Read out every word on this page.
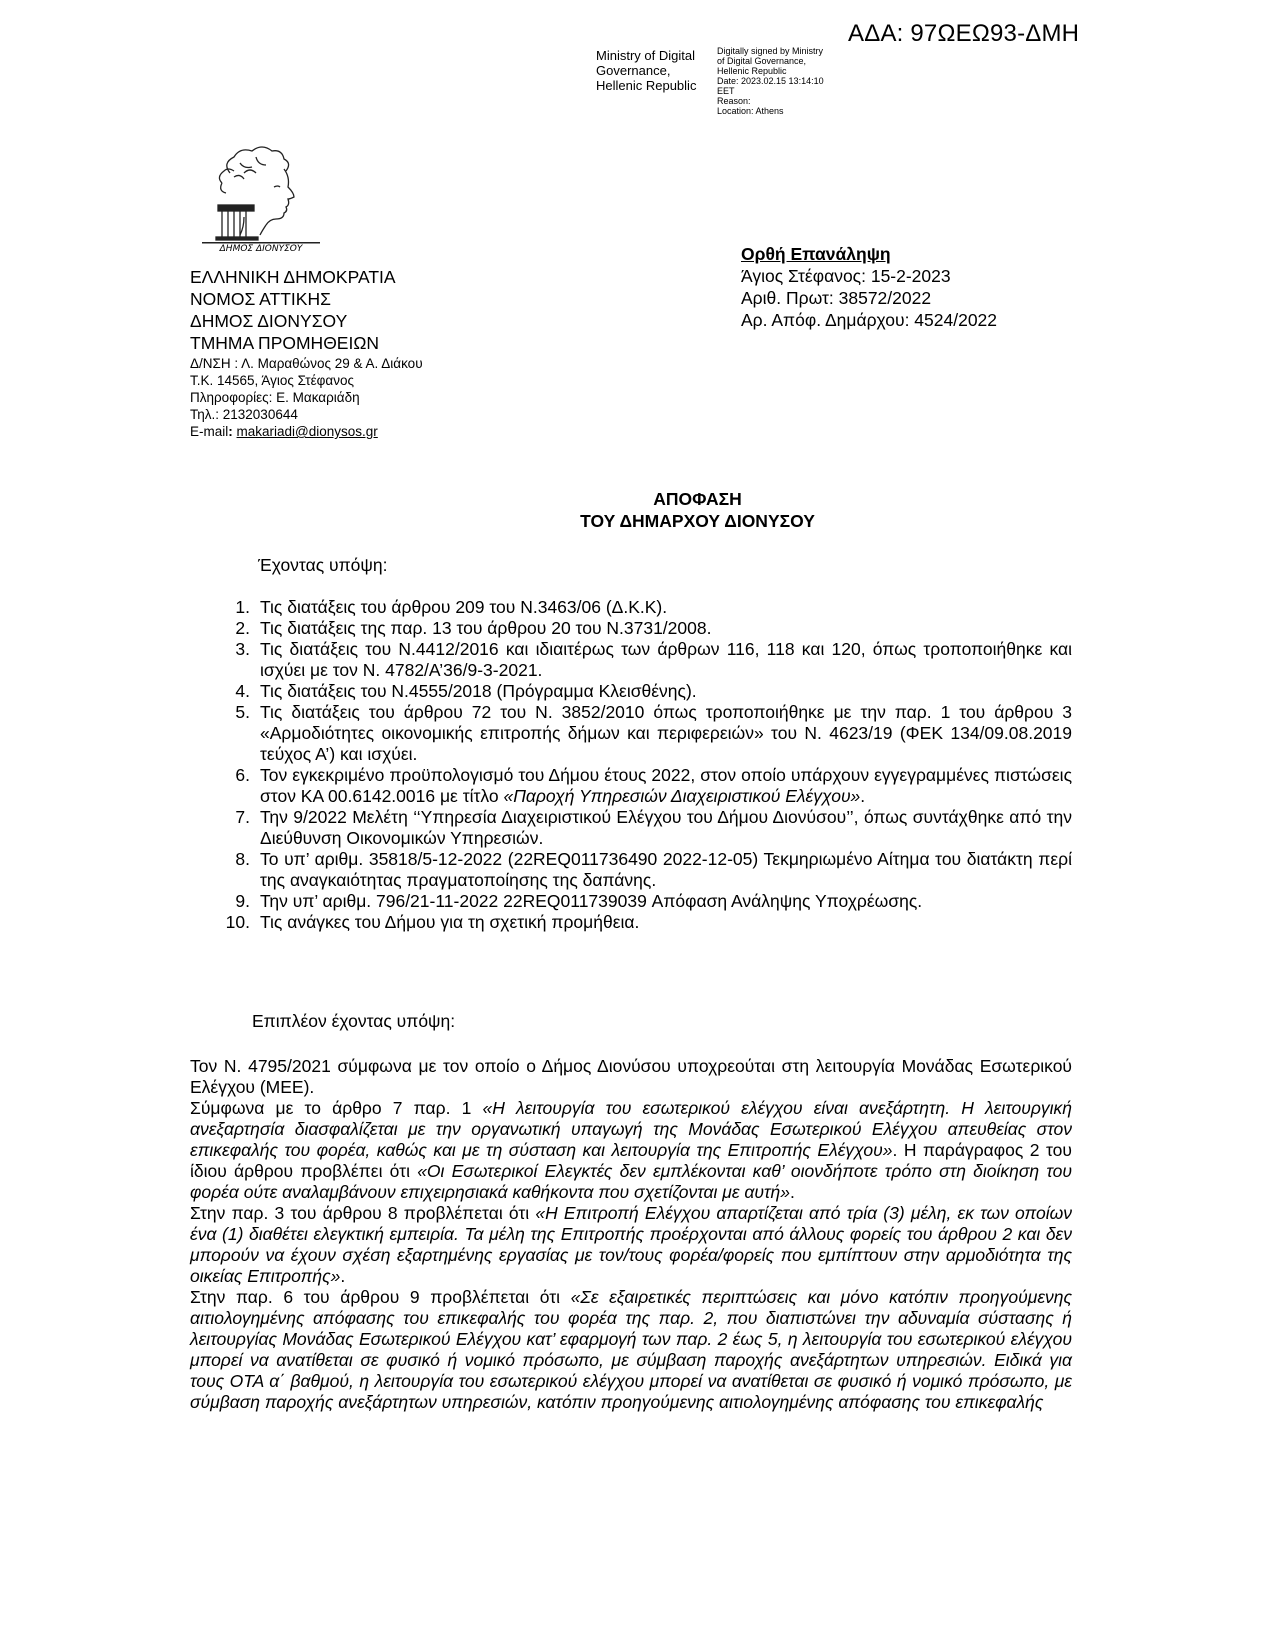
ΑΔΑ: 97ΩΕΩ93-ΔΜΗ
Ministry of Digital
Governance,
Hellenic Republic
Digitally signed by Ministry
of Digital Governance,
Hellenic Republic
Date: 2023.02.15 13:14:10
EET
Reason:
Location: Athens
ΔΗΜΟΣ ΔΙΟΝΥΣΟΥ
ΕΛΛΗΝΙΚΗ ΔΗΜΟΚΡΑΤΙΑ
ΝΟΜΟΣ ΑΤΤΙΚΗΣ
ΔΗΜΟΣ ΔΙΟΝΥΣΟΥ
ΤΜΗΜΑ ΠΡΟΜΗΘΕΙΩΝ
Δ/ΝΣΗ : Λ. Μαραθώνος 29 & Α. Διάκου
Τ.Κ. 14565, Άγιος Στέφανος
Πληροφορίες: Ε. Μακαριάδη
Τηλ.: 2132030644
E-mail: makariadi@dionysos.gr
Ορθή Επανάληψη
Άγιος Στέφανος: 15-2-2023
Αριθ. Πρωτ: 38572/2022
Αρ. Απόφ. Δημάρχου: 4524/2022
ΑΠΟΦΑΣΗ
ΤΟΥ ΔΗΜΑΡΧΟΥ ΔΙΟΝΥΣΟΥ
Έχοντας υπόψη:
1. Τις διατάξεις του άρθρου 209 του Ν.3463/06 (Δ.Κ.Κ).
2. Τις διατάξεις της παρ. 13 του άρθρου 20 του Ν.3731/2008.
3. Τις διατάξεις του Ν.4412/2016 και ιδιαιτέρως των άρθρων 116, 118 και 120, όπως τροποποιήθηκε και ισχύει με τον Ν. 4782/Α’36/9-3-2021.
4. Τις διατάξεις του Ν.4555/2018 (Πρόγραμμα Κλεισθένης).
5. Τις διατάξεις του άρθρου 72 του Ν. 3852/2010 όπως τροποποιήθηκε με την παρ. 1 του άρθρου 3 «Αρμοδιότητες οικονομικής επιτροπής δήμων και περιφερειών» του Ν. 4623/19 (ΦΕΚ 134/09.08.2019 τεύχος Α’) και ισχύει.
6. Τον εγκεκριμένο προϋπολογισμό του Δήμου έτους 2022, στον οποίο υπάρχουν εγγεγραμμένες πιστώσεις στον ΚΑ 00.6142.0016 με τίτλο «Παροχή Υπηρεσιών Διαχειριστικού Ελέγχου».
7. Την 9/2022 Μελέτη ‘‘Υπηρεσία Διαχειριστικού Ελέγχου του Δήμου Διονύσου’’, όπως συντάχθηκε από την Διεύθυνση Οικονομικών Υπηρεσιών.
8. Το υπ’ αριθμ. 35818/5-12-2022 (22REQ011736490 2022-12-05) Τεκμηριωμένο Αίτημα του διατάκτη περί της αναγκαιότητας πραγματοποίησης της δαπάνης.
9. Την υπ’ αριθμ. 796/21-11-2022 22REQ011739039 Απόφαση Ανάληψης Υποχρέωσης.
10. Τις ανάγκες του Δήμου για τη σχετική προμήθεια.
Επιπλέον έχοντας υπόψη:
Τον Ν. 4795/2021 σύμφωνα με τον οποίο ο Δήμος Διονύσου υποχρεούται στη λειτουργία Μονάδας Εσωτερικού Ελέγχου (ΜΕΕ).
Σύμφωνα με το άρθρο 7 παρ. 1 «Η λειτουργία του εσωτερικού ελέγχου είναι ανεξάρτητη. Η λειτουργική ανεξαρτησία διασφαλίζεται με την οργανωτική υπαγωγή της Μονάδας Εσωτερικού Ελέγχου απευθείας στον επικεφαλής του φορέα, καθώς και με τη σύσταση και λειτουργία της Επιτροπής Ελέγχου». Η παράγραφος 2 του ίδιου άρθρου προβλέπει ότι «Οι Εσωτερικοί Ελεγκτές δεν εμπλέκονται καθ’ οιονδήποτε τρόπο στη διοίκηση του φορέα ούτε αναλαμβάνουν επιχειρησιακά καθήκοντα που σχετίζονται με αυτή».
Στην παρ. 3 του άρθρου 8 προβλέπεται ότι «Η Επιτροπή Ελέγχου απαρτίζεται από τρία (3) μέλη, εκ των οποίων ένα (1) διαθέτει ελεγκτική εμπειρία. Τα μέλη της Επιτροπής προέρχονται από άλλους φορείς του άρθρου 2 και δεν μπορούν να έχουν σχέση εξαρτημένης εργασίας με τον/τους φορέα/φορείς που εμπίπτουν στην αρμοδιότητα της οικείας Επιτροπής».
Στην παρ. 6 του άρθρου 9 προβλέπεται ότι «Σε εξαιρετικές περιπτώσεις και μόνο κατόπιν προηγούμενης αιτιολογημένης απόφασης του επικεφαλής του φορέα της παρ. 2, που διαπιστώνει την αδυναμία σύστασης ή λειτουργίας Μονάδας Εσωτερικού Ελέγχου κατ’ εφαρμογή των παρ. 2 έως 5, η λειτουργία του εσωτερικού ελέγχου μπορεί να ανατίθεται σε φυσικό ή νομικό πρόσωπο, με σύμβαση παροχής ανεξάρτητων υπηρεσιών. Ειδικά για τους ΟΤΑ α΄ βαθμού, η λειτουργία του εσωτερικού ελέγχου μπορεί να ανατίθεται σε φυσικό ή νομικό πρόσωπο, με σύμβαση παροχής ανεξάρτητων υπηρεσιών, κατόπιν προηγούμενης αιτιολογημένης απόφασης του επικεφαλής
